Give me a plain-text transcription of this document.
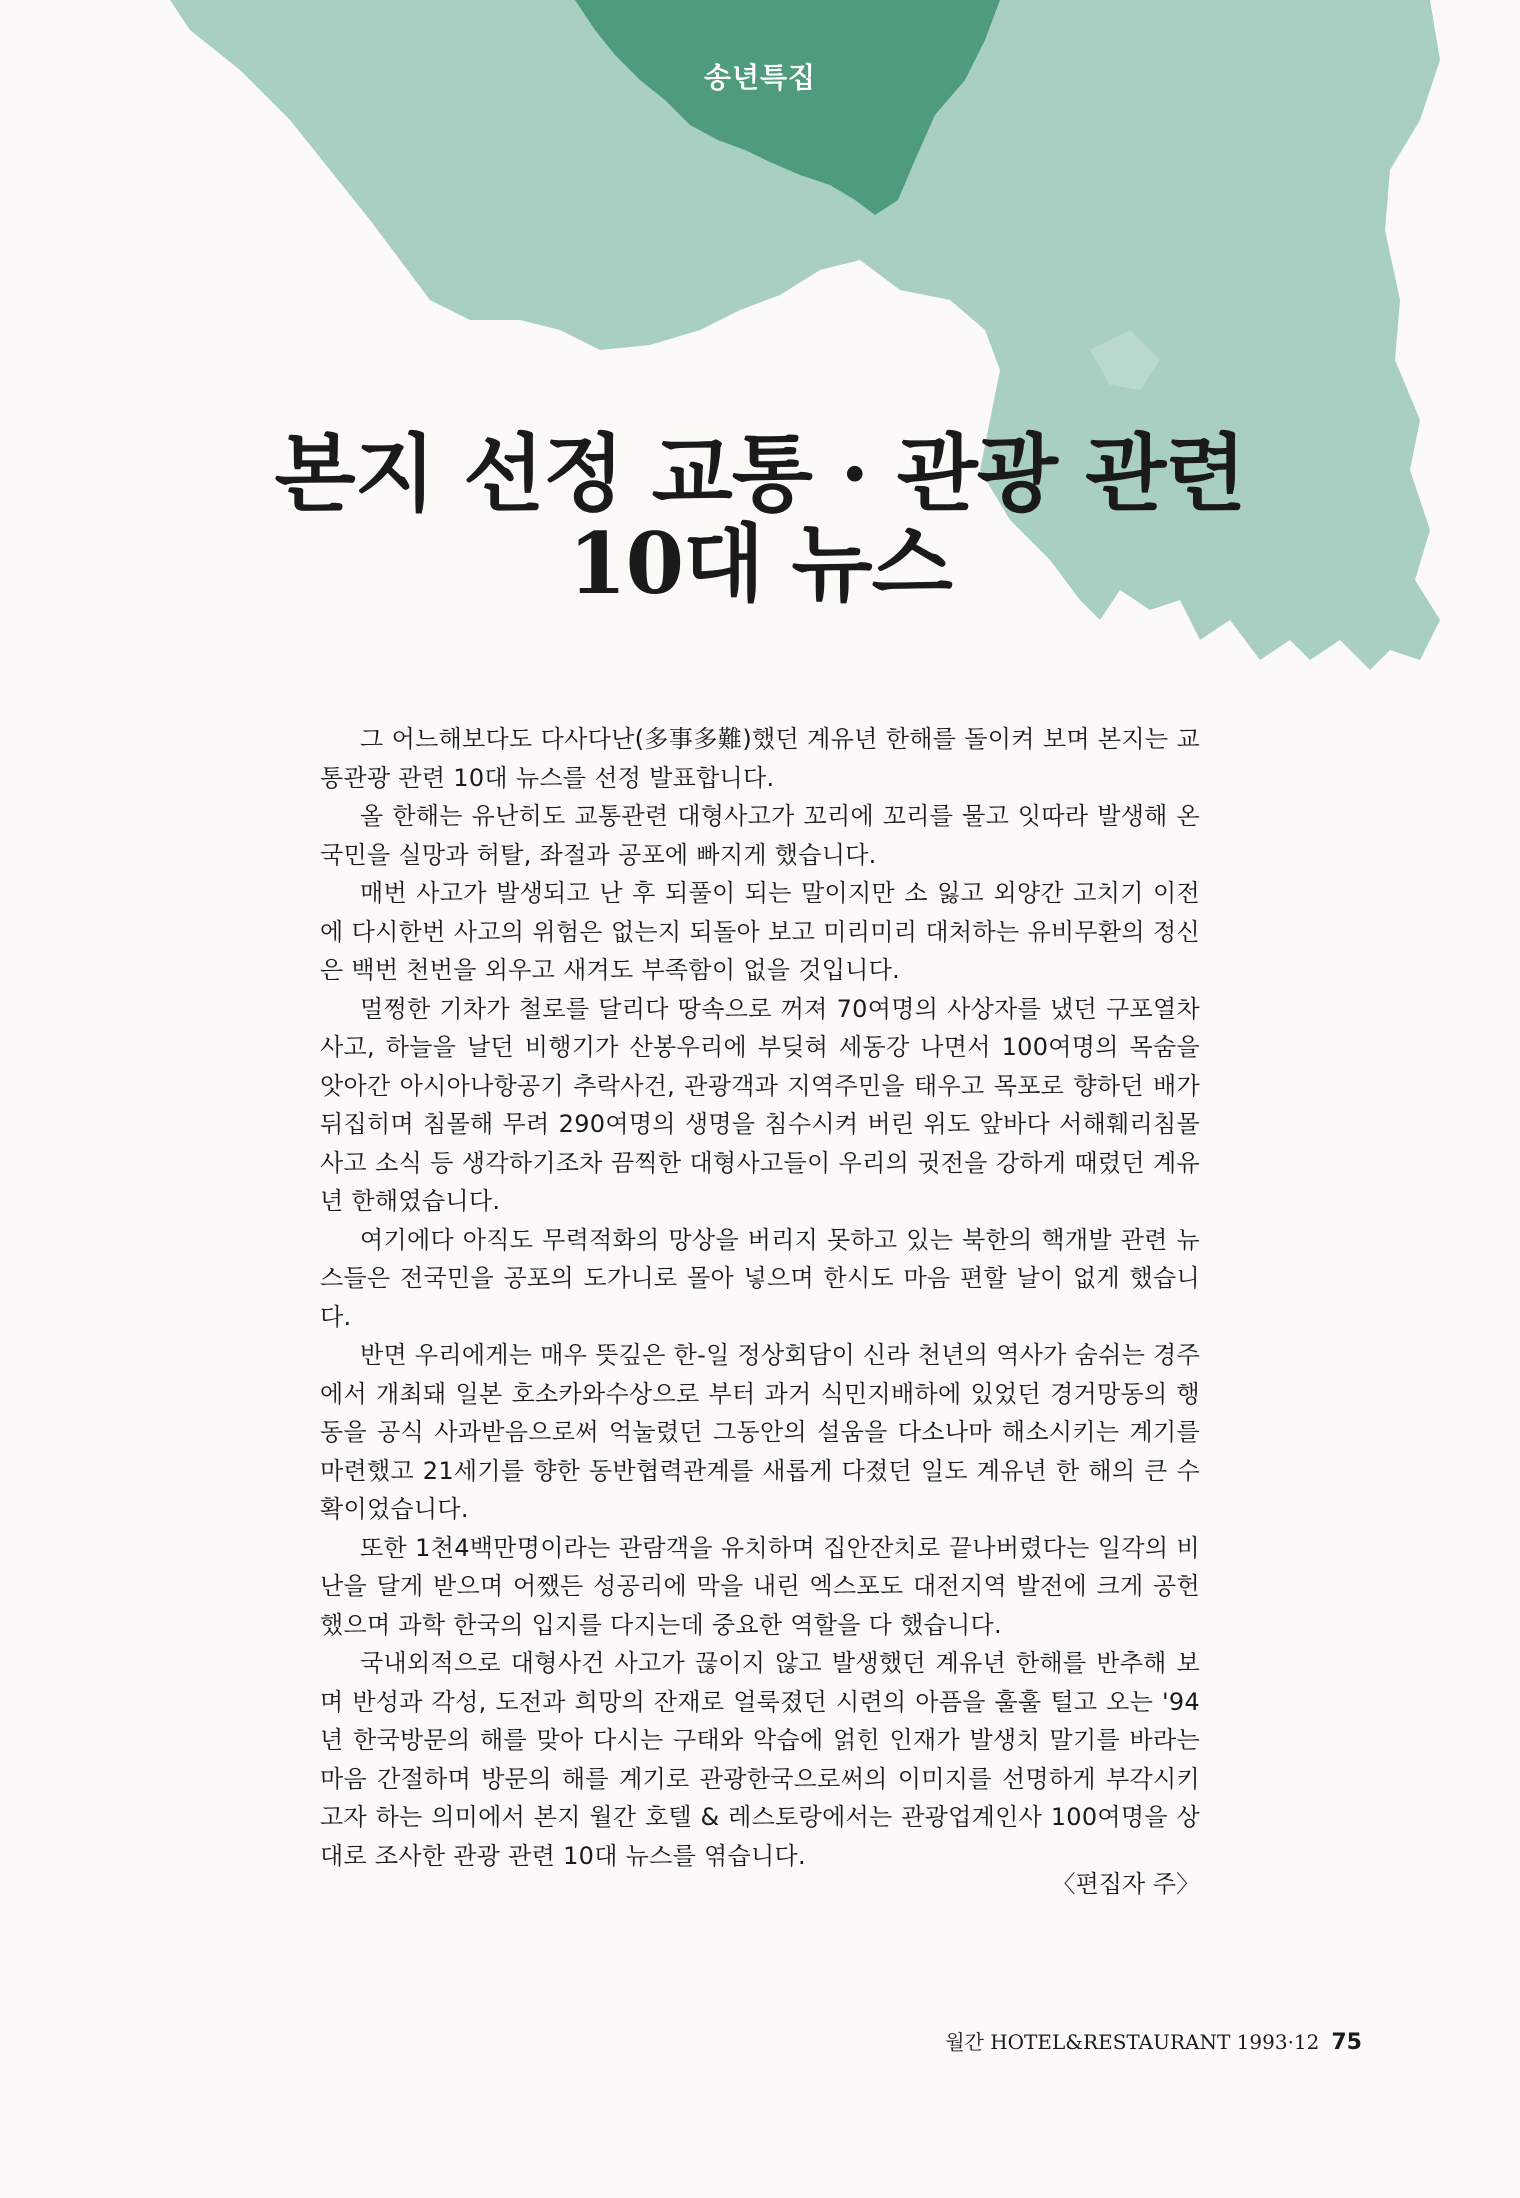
송년특집
본지 선정 교통 · 관광 관련
10대 뉴스

그 어느해보다도 다사다난(多事多難)했던 계유년 한해를 돌이켜 보며 본지는 교통관광 관련 10대 뉴스를 선정 발표합니다.

올 한해는 유난히도 교통관련 대형사고가 꼬리에 꼬리를 물고 잇따라 발생해 온 국민을 실망과 허탈, 좌절과 공포에 빠지게 했습니다.

매번 사고가 발생되고 난 후 되풀이 되는 말이지만 소 잃고 외양간 고치기 이전에 다시한번 사고의 위험은 없는지 되돌아 보고 미리미리 대처하는 유비무환의 정신은 백번 천번을 외우고 새겨도 부족함이 없을 것입니다.

멀쩡한 기차가 철로를 달리다 땅속으로 꺼져 70여명의 사상자를 냈던 구포열차사고, 하늘을 날던 비행기가 산봉우리에 부딪혀 세동강 나면서 100여명의 목숨을 앗아간 아시아나항공기 추락사건, 관광객과 지역주민을 태우고 목포로 향하던 배가 뒤집히며 침몰해 무려 290여명의 생명을 침수시켜 버린 위도 앞바다 서해훼리침몰사고 소식 등 생각하기조차 끔찍한 대형사고들이 우리의 귓전을 강하게 때렸던 계유년 한해였습니다.

여기에다 아직도 무력적화의 망상을 버리지 못하고 있는 북한의 핵개발 관련 뉴스들은 전국민을 공포의 도가니로 몰아 넣으며 한시도 마음 편할 날이 없게 했습니다.

반면 우리에게는 매우 뜻깊은 한-일 정상회담이 신라 천년의 역사가 숨쉬는 경주에서 개최돼 일본 호소카와수상으로 부터 과거 식민지배하에 있었던 경거망동의 행동을 공식 사과받음으로써 억눌렸던 그동안의 설움을 다소나마 해소시키는 계기를 마련했고 21세기를 향한 동반협력관계를 새롭게 다졌던 일도 계유년 한 해의 큰 수확이었습니다.

또한 1천4백만명이라는 관람객을 유치하며 집안잔치로 끝나버렸다는 일각의 비난을 달게 받으며 어쨌든 성공리에 막을 내린 엑스포도 대전지역 발전에 크게 공헌했으며 과학 한국의 입지를 다지는데 중요한 역할을 다 했습니다.

국내외적으로 대형사건 사고가 끊이지 않고 발생했던 계유년 한해를 반추해 보며 반성과 각성, 도전과 희망의 잔재로 얼룩졌던 시련의 아픔을 훌훌 털고 오는 '94년 한국방문의 해를 맞아 다시는 구태와 악습에 얽힌 인재가 발생치 말기를 바라는 마음 간절하며 방문의 해를 계기로 관광한국으로써의 이미지를 선명하게 부각시키고자 하는 의미에서 본지 월간 호텔 & 레스토랑에서는 관광업계인사 100여명을 상대로 조사한 관광 관련 10대 뉴스를 엮습니다.

〈편집자 주〉
월간 HOTEL&RESTAURANT 1993·12 75
